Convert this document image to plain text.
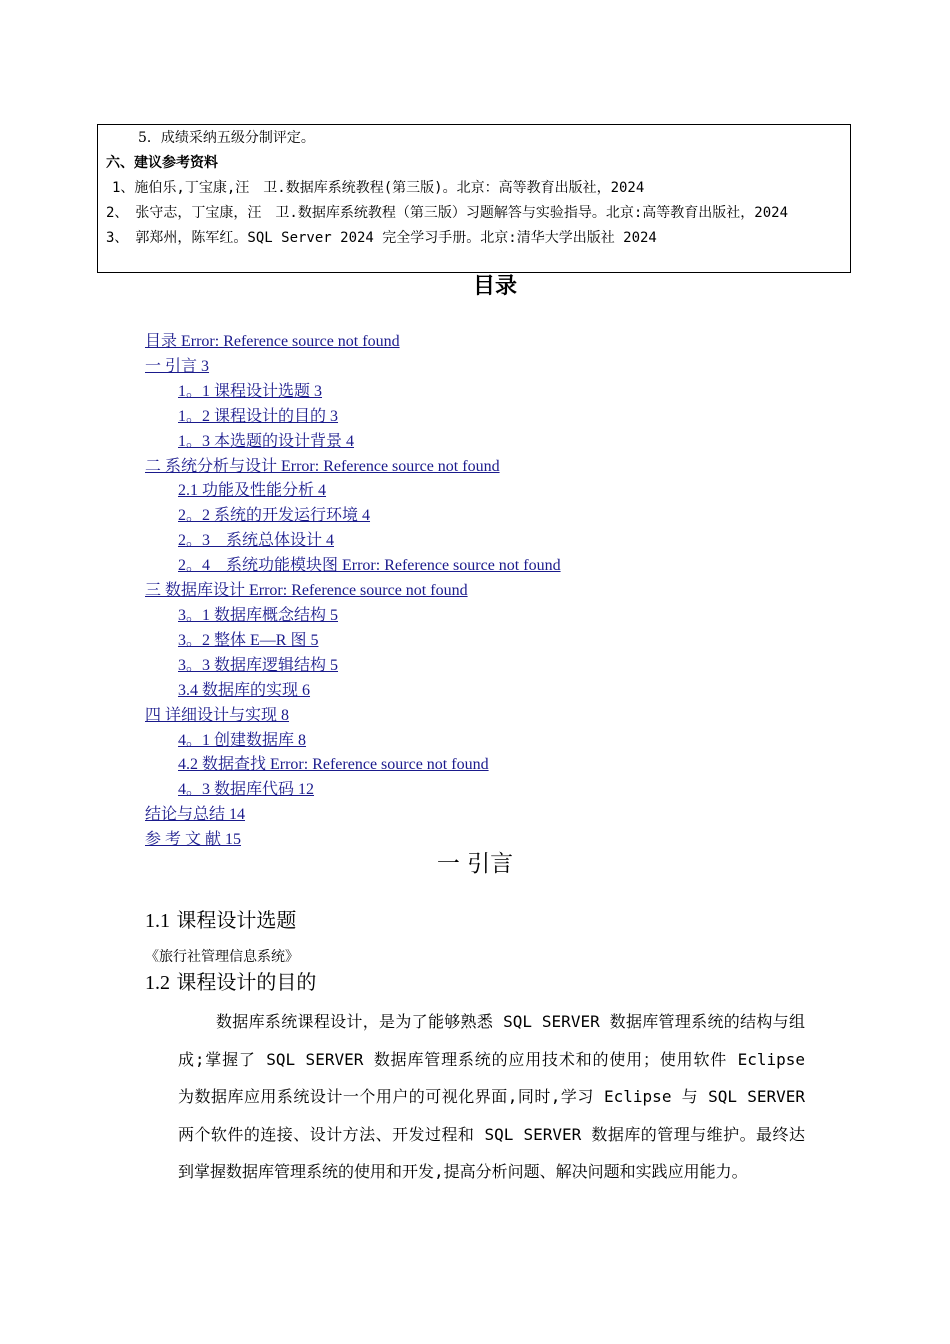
5．成绩采纳五级分制评定。
六、建议参考资料
1、施伯乐,丁宝康,汪　卫.数据库系统教程(第三版)。北京：高等教育出版社，2024
2、　张守志，丁宝康，汪　卫.数据库系统教程（第三版）习题解答与实验指导。北京:高等教育出版社，2024
3、　郭郑州，陈军红。SQL Server 2024 完全学习手册。北京:清华大学出版社 2024
目录
目录 Error: Reference source not found
一 引言 3
1。1 课程设计选题 3
1。2 课程设计的目的 3
1。3 本选题的设计背景 4
二 系统分析与设计 Error: Reference source not found
2.1 功能及性能分析 4
2。2 系统的开发运行环境 4
2。3　系统总体设计 4
2。4　系统功能模块图 Error: Reference source not found
三 数据库设计 Error: Reference source not found
3。1 数据库概念结构 5
3。2 整体 E—R 图 5
3。3 数据库逻辑结构 5
3.4 数据库的实现 6
四 详细设计与实现 8
4。1 创建数据库 8
4.2 数据查找 Error: Reference source not found
4。3 数据库代码 12
结论与总结 14
参 考 文 献 15
一 引言
1.1 课程设计选题
《旅行社管理信息系统》
1.2 课程设计的目的

数据库系统课程设计，是为了能够熟悉 SQL SERVER 数据库管理系统的结构与组成;掌握了 SQL SERVER 数据库管理系统的应用技术和的使用；使用软件 Eclipse 为数据库应用系统设计一个用户的可视化界面,同时,学习 Eclipse 与 SQL SERVER 两个软件的连接、设计方法、开发过程和 SQL SERVER 数据库的管理与维护。最终达到掌握数据库管理系统的使用和开发,提高分析问题、解决问题和实践应用能力。
